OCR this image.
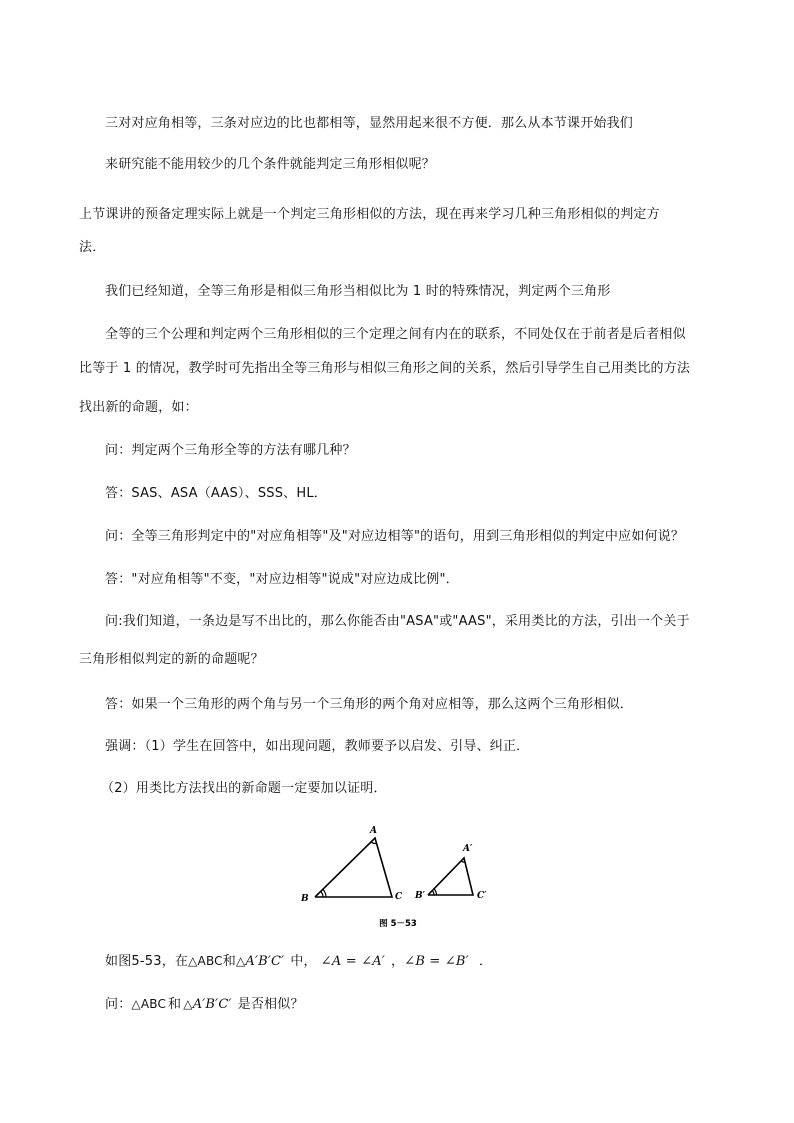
三对对应角相等，三条对应边的比也都相等，显然用起来很不方便．那么从本节课开始我们
来研究能不能用较少的几个条件就能判定三角形相似呢？
上节课讲的预备定理实际上就是一个判定三角形相似的方法，现在再来学习几种三角形相似的判定方
法．
我们已经知道，全等三角形是相似三角形当相似比为 1 时的特殊情况，判定两个三角形
全等的三个公理和判定两个三角形相似的三个定理之间有内在的联系，不同处仅在于前者是后者相似
比等于 1 的情况，教学时可先指出全等三角形与相似三角形之间的关系，然后引导学生自己用类比的方法
找出新的命题，如：
问：判定两个三角形全等的方法有哪几种？
答：SAS、ASA（AAS）、SSS、HL．
问：全等三角形判定中的"对应角相等"及"对应边相等"的语句，用到三角形相似的判定中应如何说？
答："对应角相等"不变，"对应边相等"说成"对应边成比例"．
问:我们知道，一条边是写不出比的，那么你能否由"ASA"或"AAS"，采用类比的方法，引出一个关于
三角形相似判定的新的命题呢？
答：如果一个三角形的两个角与另一个三角形的两个角对应相等，那么这两个三角形相似．
强调：（1）学生在回答中，如出现问题，教师要予以启发、引导、纠正．
（2）用类比方法找出的新命题一定要加以证明．
A
B	C
A′
B′	C′
图 5－53
如图5-53，在△ABC和△A′B′C′ 中， ∠A = ∠A′ ，∠B = ∠B′ ．
问：△ABC 和 △A′B′C′ 是否相似？
